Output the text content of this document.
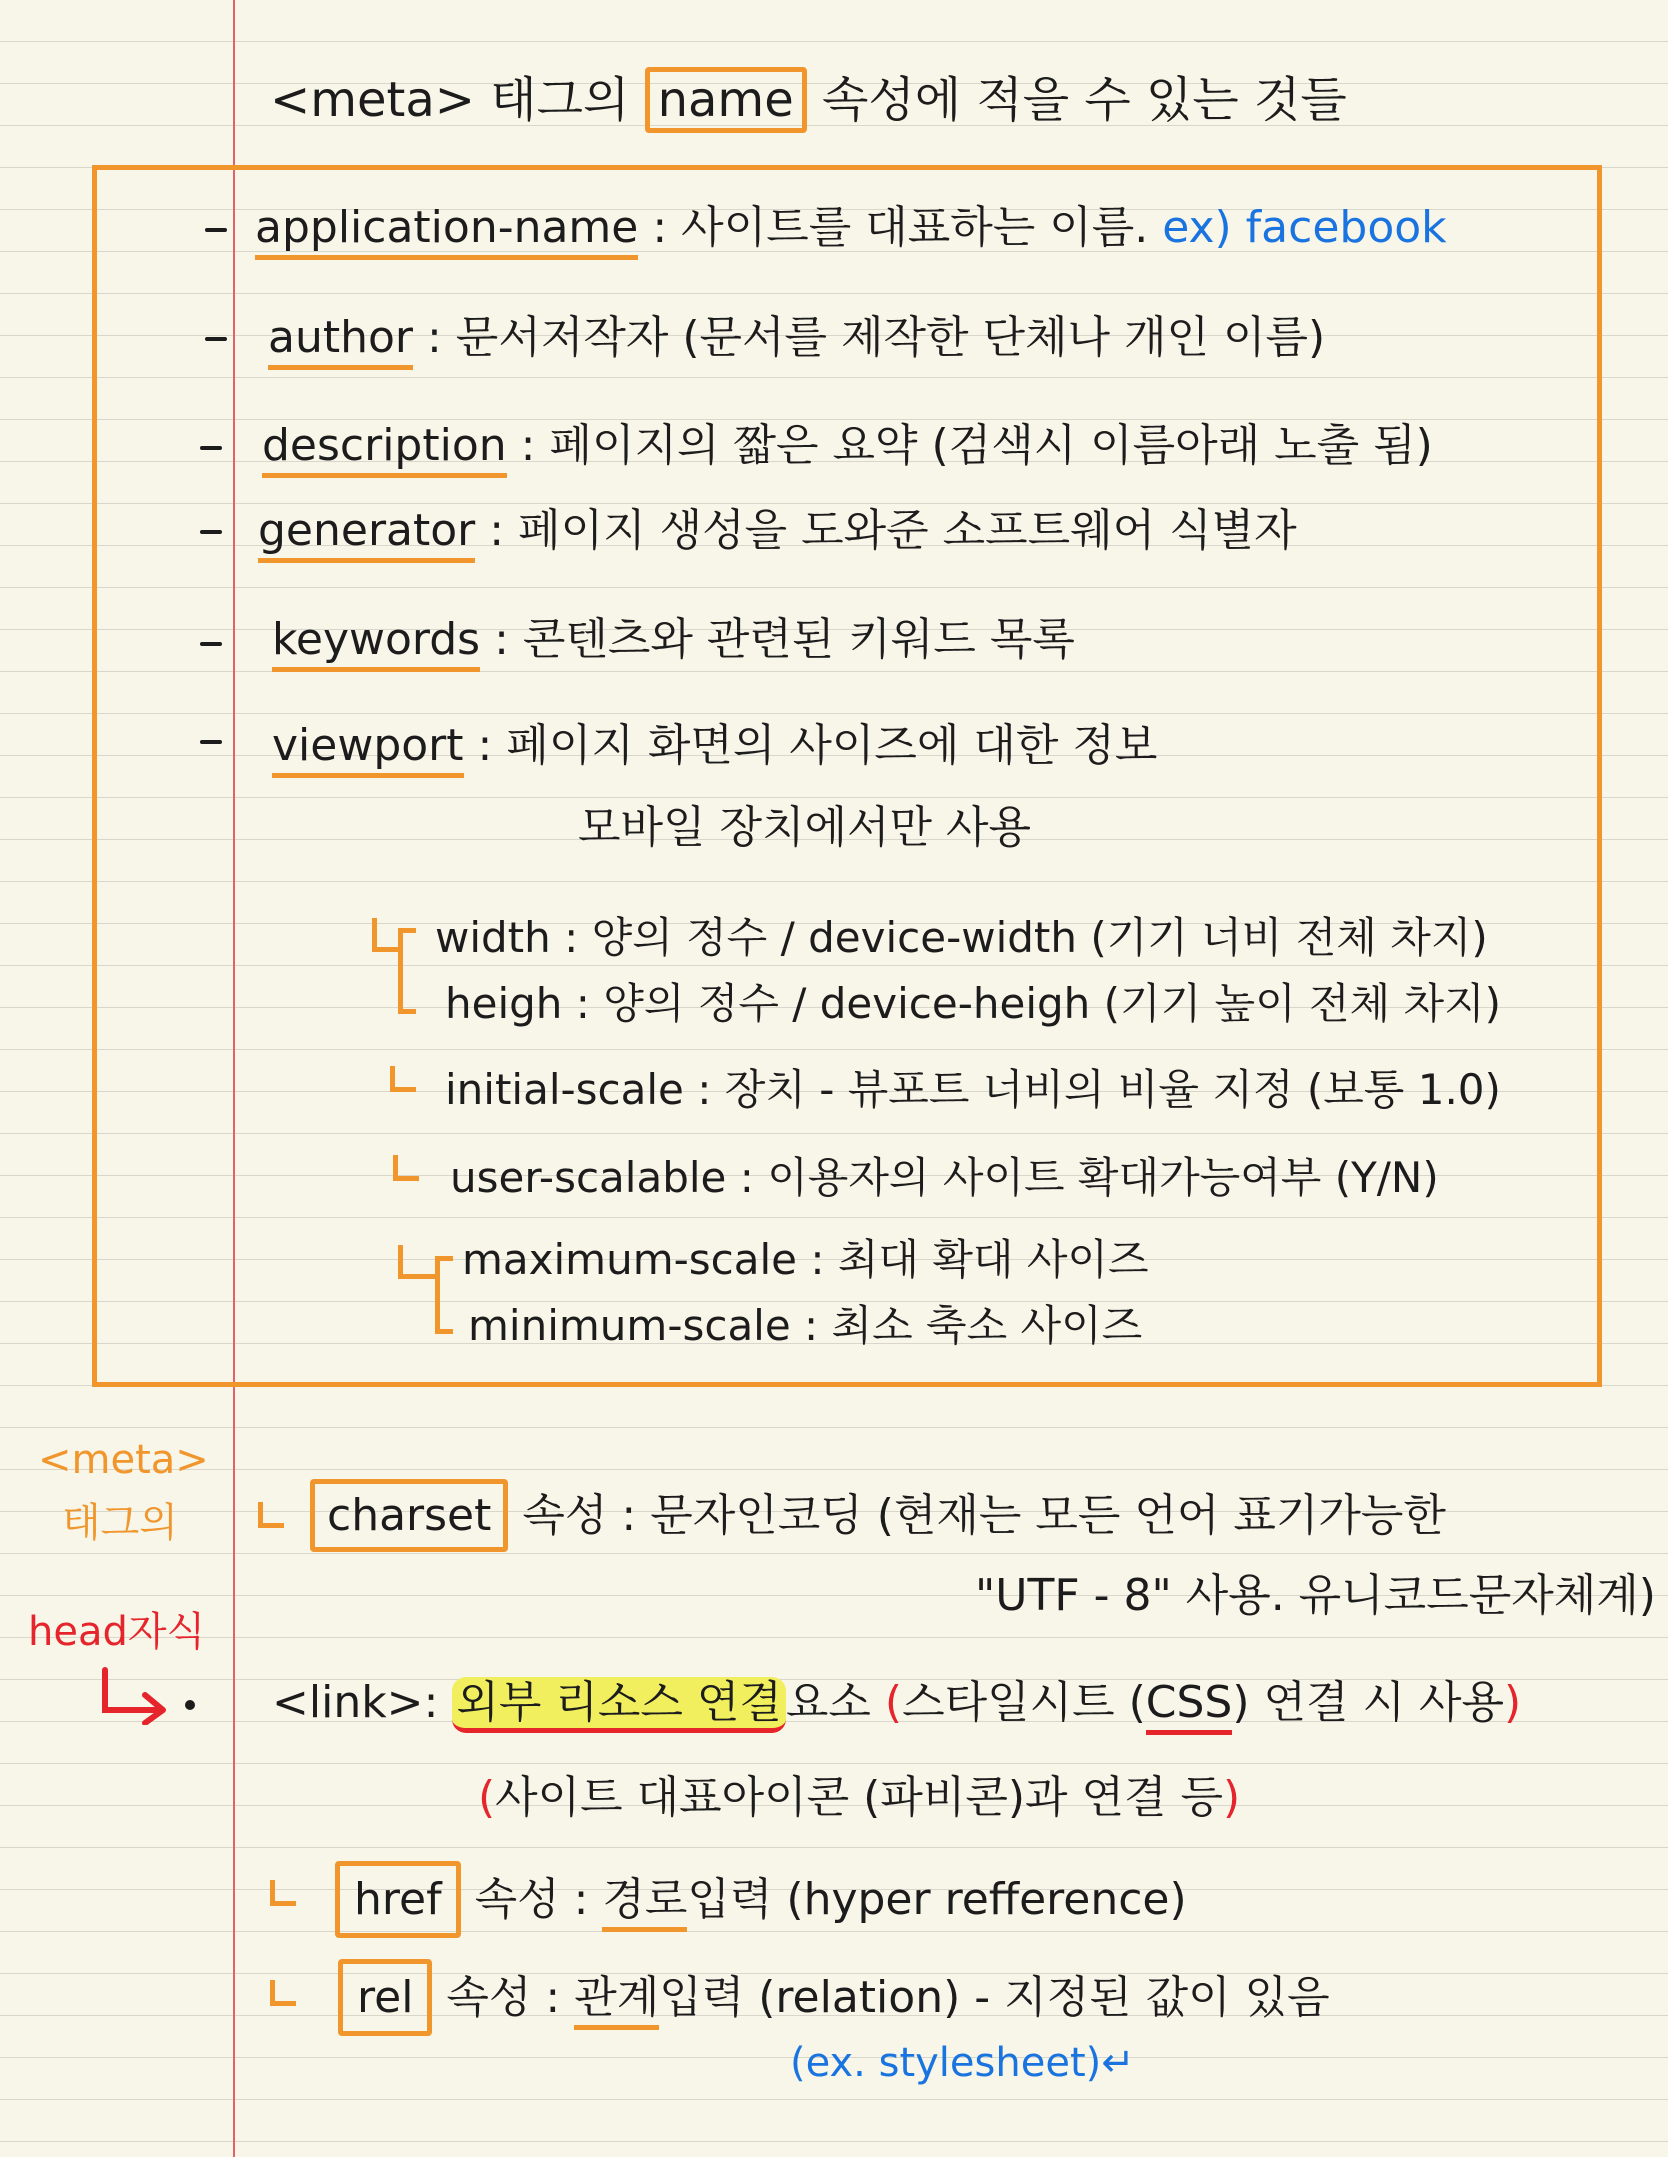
<meta> 태그의 name 속성에 적을 수 있는 것들
application-name : 사이트를 대표하는 이름. ex) facebook
author : 문서저작자 (문서를 제작한 단체나 개인 이름)
description : 페이지의 짧은 요약 (검색시 이름아래 노출 됨)
generator : 페이지 생성을 도와준 소프트웨어 식별자
keywords : 콘텐츠와 관련된 키워드 목록
viewport : 페이지 화면의 사이즈에 대한 정보
모바일 장치에서만 사용
width : 양의 정수 / device-width (기기 너비 전체 차지)
heigh : 양의 정수 / device-heigh (기기 높이 전체 차지)
initial-scale : 장치 - 뷰포트 너비의 비율 지정 (보통 1.0)
user-scalable : 이용자의 사이트 확대가능여부 (Y/N)
maximum-scale : 최대 확대 사이즈
minimum-scale : 최소 축소 사이즈
<meta>
태그의
head자식
charset 속성 : 문자인코딩 (현재는 모든 언어 표기가능한
"UTF - 8" 사용. 유니코드문자체계)
<link>: 외부 리소스 연결요소 (스타일시트 (CSS) 연결 시 사용)
(사이트 대표아이콘 (파비콘)과 연결 등)
href 속성 : 경로입력 (hyper refference)
rel 속성 : 관계입력 (relation) - 지정된 값이 있음
(ex. stylesheet)↵
